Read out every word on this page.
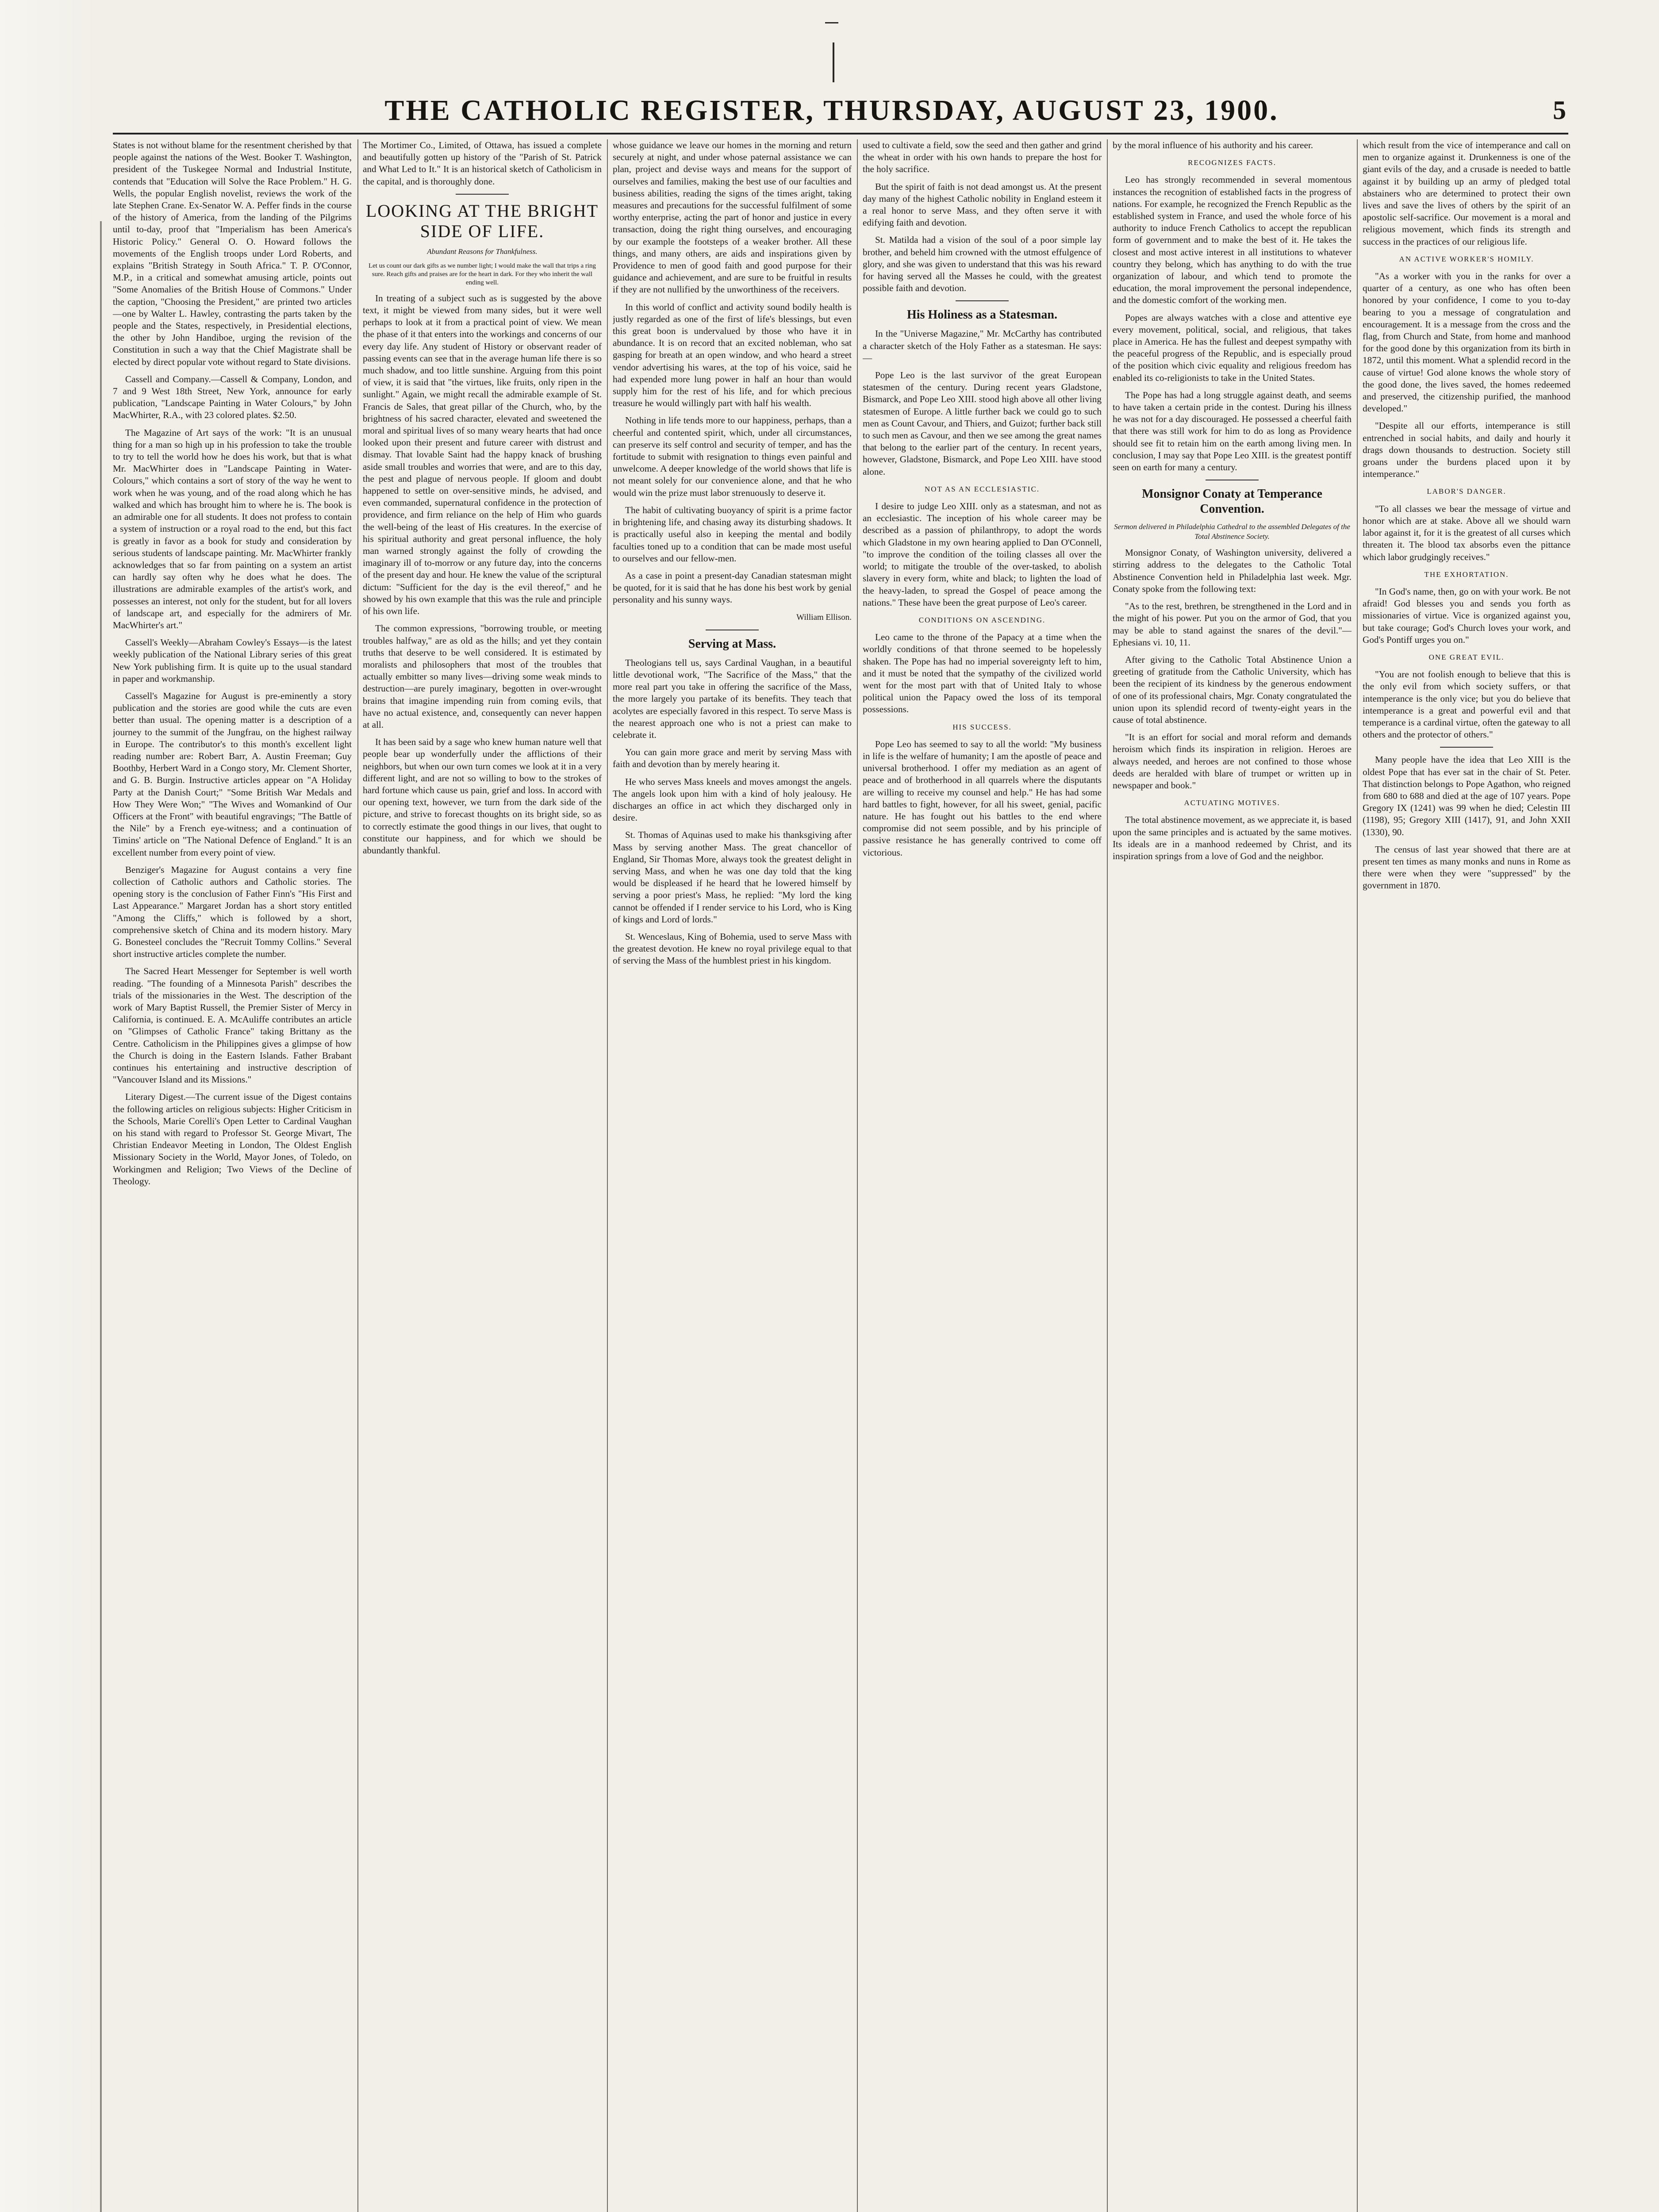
THE CATHOLIC REGISTER, THURSDAY, AUGUST 23, 1900.	5

States is not without blame for the resentment cherished by that people against the nations of the West. Booker T. Washington, president of the Tuskegee Normal and Industrial Institute, contends that "Education will Solve the Race Problem." H. G. Wells, the popular English novelist, reviews the work of the late Stephen Crane. Ex-Senator W. A. Peffer finds in the course of the history of America, from the landing of the Pilgrims until to-day, proof that "Imperialism has been America's Historic Policy." General O. O. Howard follows the movements of the English troops under Lord Roberts, and explains "British Strategy in South Africa." T. P. O'Connor, M.P., in a critical and somewhat amusing article, points out "Some Anomalies of the British House of Commons." Under the caption, "Choosing the President," are printed two articles—one by Walter L. Hawley, contrasting the parts taken by the people and the States, respectively, in Presidential elections, the other by John Handiboe, urging the revision of the Constitution in such a way that the Chief Magistrate shall be elected by direct popular vote without regard to State divisions.

Cassell and Company.—Cassell & Company, London, and 7 and 9 West 18th Street, New York, announce for early publication, "Landscape Painting in Water Colours," by John MacWhirter, R.A., with 23 colored plates. $2.50.

The Magazine of Art says of the work: "It is an unusual thing for a man so high up in his profession to take the trouble to try to tell the world how he does his work, but that is what Mr. MacWhirter does in "Landscape Painting in Water-Colours," which contains a sort of story of the way he went to work when he was young, and of the road along which he has walked and which has brought him to where he is. The book is an admirable one for all students. It does not profess to contain a system of instruction or a royal road to the end, but this fact is greatly in favor as a book for study and consideration by serious students of landscape painting. Mr. MacWhirter frankly acknowledges that so far from painting on a system an artist can hardly say often why he does what he does. The illustrations are admirable examples of the artist's work, and possesses an interest, not only for the student, but for all lovers of landscape art, and especially for the admirers of Mr. MacWhirter's art."

Cassell's Weekly—Abraham Cowley's Essays—is the latest weekly publication of the National Library series of this great New York publishing firm. It is quite up to the usual standard in paper and workmanship.

Cassell's Magazine for August is pre-eminently a story publication and the stories are good while the cuts are even better than usual. The opening matter is a description of a journey to the summit of the Jungfrau, on the highest railway in Europe. The contributor's to this month's excellent light reading number are: Robert Barr, A. Austin Freeman; Guy Boothby, Herbert Ward in a Congo story, Mr. Clement Shorter, and G. B. Burgin. Instructive articles appear on "A Holiday Party at the Danish Court;" "Some British War Medals and How They Were Won;" "The Wives and Womankind of Our Officers at the Front" with beautiful engravings; "The Battle of the Nile" by a French eye-witness; and a continuation of Timins' article on "The National Defence of England." It is an excellent number from every point of view.

Benziger's Magazine for August contains a very fine collection of Catholic authors and Catholic stories. The opening story is the conclusion of Father Finn's "His First and Last Appearance." Margaret Jordan has a short story entitled "Among the Cliffs," which is followed by a short, comprehensive sketch of China and its modern history. Mary G. Bonesteel concludes the "Recruit Tommy Collins." Several short instructive articles complete the number.

The Sacred Heart Messenger for September is well worth reading. "The founding of a Minnesota Parish" describes the trials of the missionaries in the West. The description of the work of Mary Baptist Russell, the Premier Sister of Mercy in California, is continued. E. A. McAuliffe contributes an article on "Glimpses of Catholic France" taking Brittany as the Centre. Catholicism in the Philippines gives a glimpse of how the Church is doing in the Eastern Islands. Father Brabant continues his entertaining and instructive description of "Vancouver Island and its Missions."

Literary Digest.—The current issue of the Digest contains the following articles on religious subjects: Higher Criticism in the Schools, Marie Corelli's Open Letter to Cardinal Vaughan on his stand with regard to Professor St. George Mivart, The Christian Endeavor Meeting in London, The Oldest English Missionary Society in the World, Mayor Jones, of Toledo, on Workingmen and Religion; Two Views of the Decline of Theology.

The Mortimer Co., Limited, of Ottawa, has issued a complete and beautifully gotten up history of the "Parish of St. Patrick and What Led to It." It is an historical sketch of Catholicism in the capital, and is thoroughly done.

LOOKING AT THE BRIGHT SIDE OF LIFE.

Abundant Reasons for Thankfulness.

Let us count our dark gifts as we number light; I would make the wall that trips a ring sure. Reach gifts and praises are for the heart in dark. For they who inherit the wall ending well.

In treating of a subject such as is suggested by the above text, it might be viewed from many sides, but it were well perhaps to look at it from a practical point of view. We mean the phase of it that enters into the workings and concerns of our every day life. Any student of History or observant reader of passing events can see that in the average human life there is so much shadow, and too little sunshine. Arguing from this point of view, it is said that "the virtues, like fruits, only ripen in the sunlight." Again, we might recall the admirable example of St. Francis de Sales, that great pillar of the Church, who, by the brightness of his sacred character, elevated and sweetened the moral and spiritual lives of so many weary hearts that had once looked upon their present and future career with distrust and dismay. That lovable Saint had the happy knack of brushing aside small troubles and worries that were, and are to this day, the pest and plague of nervous people. If gloom and doubt happened to settle on over-sensitive minds, he advised, and even commanded, supernatural confidence in the protection of providence, and firm reliance on the help of Him who guards the well-being of the least of His creatures. In the exercise of his spiritual authority and great personal influence, the holy man warned strongly against the folly of crowding the imaginary ill of to-morrow or any future day, into the concerns of the present day and hour. He knew the value of the scriptural dictum: "Sufficient for the day is the evil thereof," and he showed by his own example that this was the rule and principle of his own life.

The common expressions, "borrowing trouble, or meeting troubles halfway," are as old as the hills; and yet they contain truths that deserve to be well considered. It is estimated by moralists and philosophers that most of the troubles that actually embitter so many lives—driving some weak minds to destruction—are purely imaginary, begotten in over-wrought brains that imagine impending ruin from coming evils, that have no actual existence, and, consequently can never happen at all.

It has been said by a sage who knew human nature well that people bear up wonderfully under the afflictions of their neighbors, but when our own turn comes we look at it in a very different light, and are not so willing to bow to the strokes of hard fortune which cause us pain, grief and loss. In accord with our opening text, however, we turn from the dark side of the picture, and strive to forecast thoughts on its bright side, so as to correctly estimate the good things in our lives, that ought to constitute our happiness, and for which we should be abundantly thankful.

whose guidance we leave our homes in the morning and return securely at night, and under whose paternal assistance we can plan, project and devise ways and means for the support of ourselves and families, making the best use of our faculties and business abilities, reading the signs of the times aright, taking measures and precautions for the successful fulfilment of some worthy enterprise, acting the part of honor and justice in every transaction, doing the right thing ourselves, and encouraging by our example the footsteps of a weaker brother. All these things, and many others, are aids and inspirations given by Providence to men of good faith and good purpose for their guidance and achievement, and are sure to be fruitful in results if they are not nullified by the unworthiness of the receivers.

In this world of conflict and activity sound bodily health is justly regarded as one of the first of life's blessings, but even this great boon is undervalued by those who have it in abundance. It is on record that an excited nobleman, who sat gasping for breath at an open window, and who heard a street vendor advertising his wares, at the top of his voice, said he had expended more lung power in half an hour than would supply him for the rest of his life, and for which precious treasure he would willingly part with half his wealth.

Nothing in life tends more to our happiness, perhaps, than a cheerful and contented spirit, which, under all circumstances, can preserve its self control and security of temper, and has the fortitude to submit with resignation to things even painful and unwelcome. A deeper knowledge of the world shows that life is not meant solely for our convenience alone, and that he who would win the prize must labor strenuously to deserve it.

The habit of cultivating buoyancy of spirit is a prime factor in brightening life, and chasing away its disturbing shadows. It is practically useful also in keeping the mental and bodily faculties toned up to a condition that can be made most useful to ourselves and our fellow-men.

As a case in point a present-day Canadian statesman might be quoted, for it is said that he has done his best work by genial personality and his sunny ways.

William Ellison.

Serving at Mass.

Theologians tell us, says Cardinal Vaughan, in a beautiful little devotional work, "The Sacrifice of the Mass," that the more real part you take in offering the sacrifice of the Mass, the more largely you partake of its benefits. They teach that acolytes are especially favored in this respect. To serve Mass is the nearest approach one who is not a priest can make to celebrate it.

You can gain more grace and merit by serving Mass with faith and devotion than by merely hearing it.

He who serves Mass kneels and moves amongst the angels. The angels look upon him with a kind of holy jealousy. He discharges an office in act which they discharged only in desire.

St. Thomas of Aquinas used to make his thanksgiving after Mass by serving another Mass. The great chancellor of England, Sir Thomas More, always took the greatest delight in serving Mass, and when he was one day told that the king would be displeased if he heard that he lowered himself by serving a poor priest's Mass, he replied: "My lord the king cannot be offended if I render service to his Lord, who is King of kings and Lord of lords."

St. Wenceslaus, King of Bohemia, used to serve Mass with the greatest devotion. He knew no royal privilege equal to that of serving the Mass of the humblest priest in his kingdom.

used to cultivate a field, sow the seed and then gather and grind the wheat in order with his own hands to prepare the host for the holy sacrifice.

But the spirit of faith is not dead amongst us. At the present day many of the highest Catholic nobility in England esteem it a real honor to serve Mass, and they often serve it with edifying faith and devotion.

St. Matilda had a vision of the soul of a poor simple lay brother, and beheld him crowned with the utmost effulgence of glory, and she was given to understand that this was his reward for having served all the Masses he could, with the greatest possible faith and devotion.

His Holiness as a Statesman.

In the "Universe Magazine," Mr. McCarthy has contributed a character sketch of the Holy Father as a statesman. He says:—

Pope Leo is the last survivor of the great European statesmen of the century. During recent years Gladstone, Bismarck, and Pope Leo XIII. stood high above all other living statesmen of Europe. A little further back we could go to such men as Count Cavour, and Thiers, and Guizot; further back still to such men as Cavour, and then we see among the great names that belong to the earlier part of the century. In recent years, however, Gladstone, Bismarck, and Pope Leo XIII. have stood alone.

NOT AS AN ECCLESIASTIC.

I desire to judge Leo XIII. only as a statesman, and not as an ecclesiastic. The inception of his whole career may be described as a passion of philanthropy, to adopt the words which Gladstone in my own hearing applied to Dan O'Connell, "to improve the condition of the toiling classes all over the world; to mitigate the trouble of the over-tasked, to abolish slavery in every form, white and black; to lighten the load of the heavy-laden, to spread the Gospel of peace among the nations." These have been the great purpose of Leo's career.

CONDITIONS ON ASCENDING.

Leo came to the throne of the Papacy at a time when the worldly conditions of that throne seemed to be hopelessly shaken. The Pope has had no imperial sovereignty left to him, and it must be noted that the sympathy of the civilized world went for the most part with that of United Italy to whose political union the Papacy owed the loss of its temporal possessions.

HIS SUCCESS.

Pope Leo has seemed to say to all the world: "My business in life is the welfare of humanity; I am the apostle of peace and universal brotherhood. I offer my mediation as an agent of peace and of brotherhood in all quarrels where the disputants are willing to receive my counsel and help." He has had some hard battles to fight, however, for all his sweet, genial, pacific nature. He has fought out his battles to the end where compromise did not seem possible, and by his principle of passive resistance he has generally contrived to come off victorious.

by the moral influence of his authority and his career.

RECOGNIZES FACTS.

Leo has strongly recommended in several momentous instances the recognition of established facts in the progress of nations. For example, he recognized the French Republic as the established system in France, and used the whole force of his authority to induce French Catholics to accept the republican form of government and to make the best of it. He takes the closest and most active interest in all institutions to whatever country they belong, which has anything to do with the true organization of labour, and which tend to promote the education, the moral improvement the personal independence, and the domestic comfort of the working men.

Popes are always watches with a close and attentive eye every movement, political, social, and religious, that takes place in America. He has the fullest and deepest sympathy with the peaceful progress of the Republic, and is especially proud of the position which civic equality and religious freedom has enabled its co-religionists to take in the United States.

The Pope has had a long struggle against death, and seems to have taken a certain pride in the contest. During his illness he was not for a day discouraged. He possessed a cheerful faith that there was still work for him to do as long as Providence should see fit to retain him on the earth among living men. In conclusion, I may say that Pope Leo XIII. is the greatest pontiff seen on earth for many a century.

Monsignor Conaty at Temperance Convention.

Sermon delivered in Philadelphia Cathedral to the assembled Delegates of the Total Abstinence Society.

Monsignor Conaty, of Washington university, delivered a stirring address to the delegates to the Catholic Total Abstinence Convention held in Philadelphia last week. Mgr. Conaty spoke from the following text:

"As to the rest, brethren, be strengthened in the Lord and in the might of his power. Put you on the armor of God, that you may be able to stand against the snares of the devil."—Ephesians vi. 10, 11.

After giving to the Catholic Total Abstinence Union a greeting of gratitude from the Catholic University, which has been the recipient of its kindness by the generous endowment of one of its professional chairs, Mgr. Conaty congratulated the union upon its splendid record of twenty-eight years in the cause of total abstinence.

"It is an effort for social and moral reform and demands heroism which finds its inspiration in religion. Heroes are always needed, and heroes are not confined to those whose deeds are heralded with blare of trumpet or written up in newspaper and book."

ACTUATING MOTIVES.

The total abstinence movement, as we appreciate it, is based upon the same principles and is actuated by the same motives. Its ideals are in a manhood redeemed by Christ, and its inspiration springs from a love of God and the neighbor.

which result from the vice of intemperance and call on men to organize against it. Drunkenness is one of the giant evils of the day, and a crusade is needed to battle against it by building up an army of pledged total abstainers who are determined to protect their own lives and save the lives of others by the spirit of an apostolic self-sacrifice. Our movement is a moral and religious movement, which finds its strength and success in the practices of our religious life.

AN ACTIVE WORKER'S HOMILY.

"As a worker with you in the ranks for over a quarter of a century, as one who has often been honored by your confidence, I come to you to-day bearing to you a message of congratulation and encouragement. It is a message from the cross and the flag, from Church and State, from home and manhood for the good done by this organization from its birth in 1872, until this moment. What a splendid record in the cause of virtue! God alone knows the whole story of the good done, the lives saved, the homes redeemed and preserved, the citizenship purified, the manhood developed."

"Despite all our efforts, intemperance is still entrenched in social habits, and daily and hourly it drags down thousands to destruction. Society still groans under the burdens placed upon it by intemperance."

LABOR'S DANGER.

"To all classes we bear the message of virtue and honor which are at stake. Above all we should warn labor against it, for it is the greatest of all curses which threaten it. The blood tax absorbs even the pittance which labor grudgingly receives."

THE EXHORTATION.

"In God's name, then, go on with your work. Be not afraid! God blesses you and sends you forth as missionaries of virtue. Vice is organized against you, but take courage; God's Church loves your work, and God's Pontiff urges you on."

ONE GREAT EVIL.

"You are not foolish enough to believe that this is the only evil from which society suffers, or that intemperance is the only vice; but you do believe that intemperance is a great and powerful evil and that temperance is a cardinal virtue, often the gateway to all others and the protector of others."

Many people have the idea that Leo XIII is the oldest Pope that has ever sat in the chair of St. Peter. That distinction belongs to Pope Agathon, who reigned from 680 to 688 and died at the age of 107 years. Pope Gregory IX (1241) was 99 when he died; Celestin III (1198), 95; Gregory XIII (1417), 91, and John XXII (1330), 90.

The census of last year showed that there are at present ten times as many monks and nuns in Rome as there were when they were "suppressed" by the government in 1870.
